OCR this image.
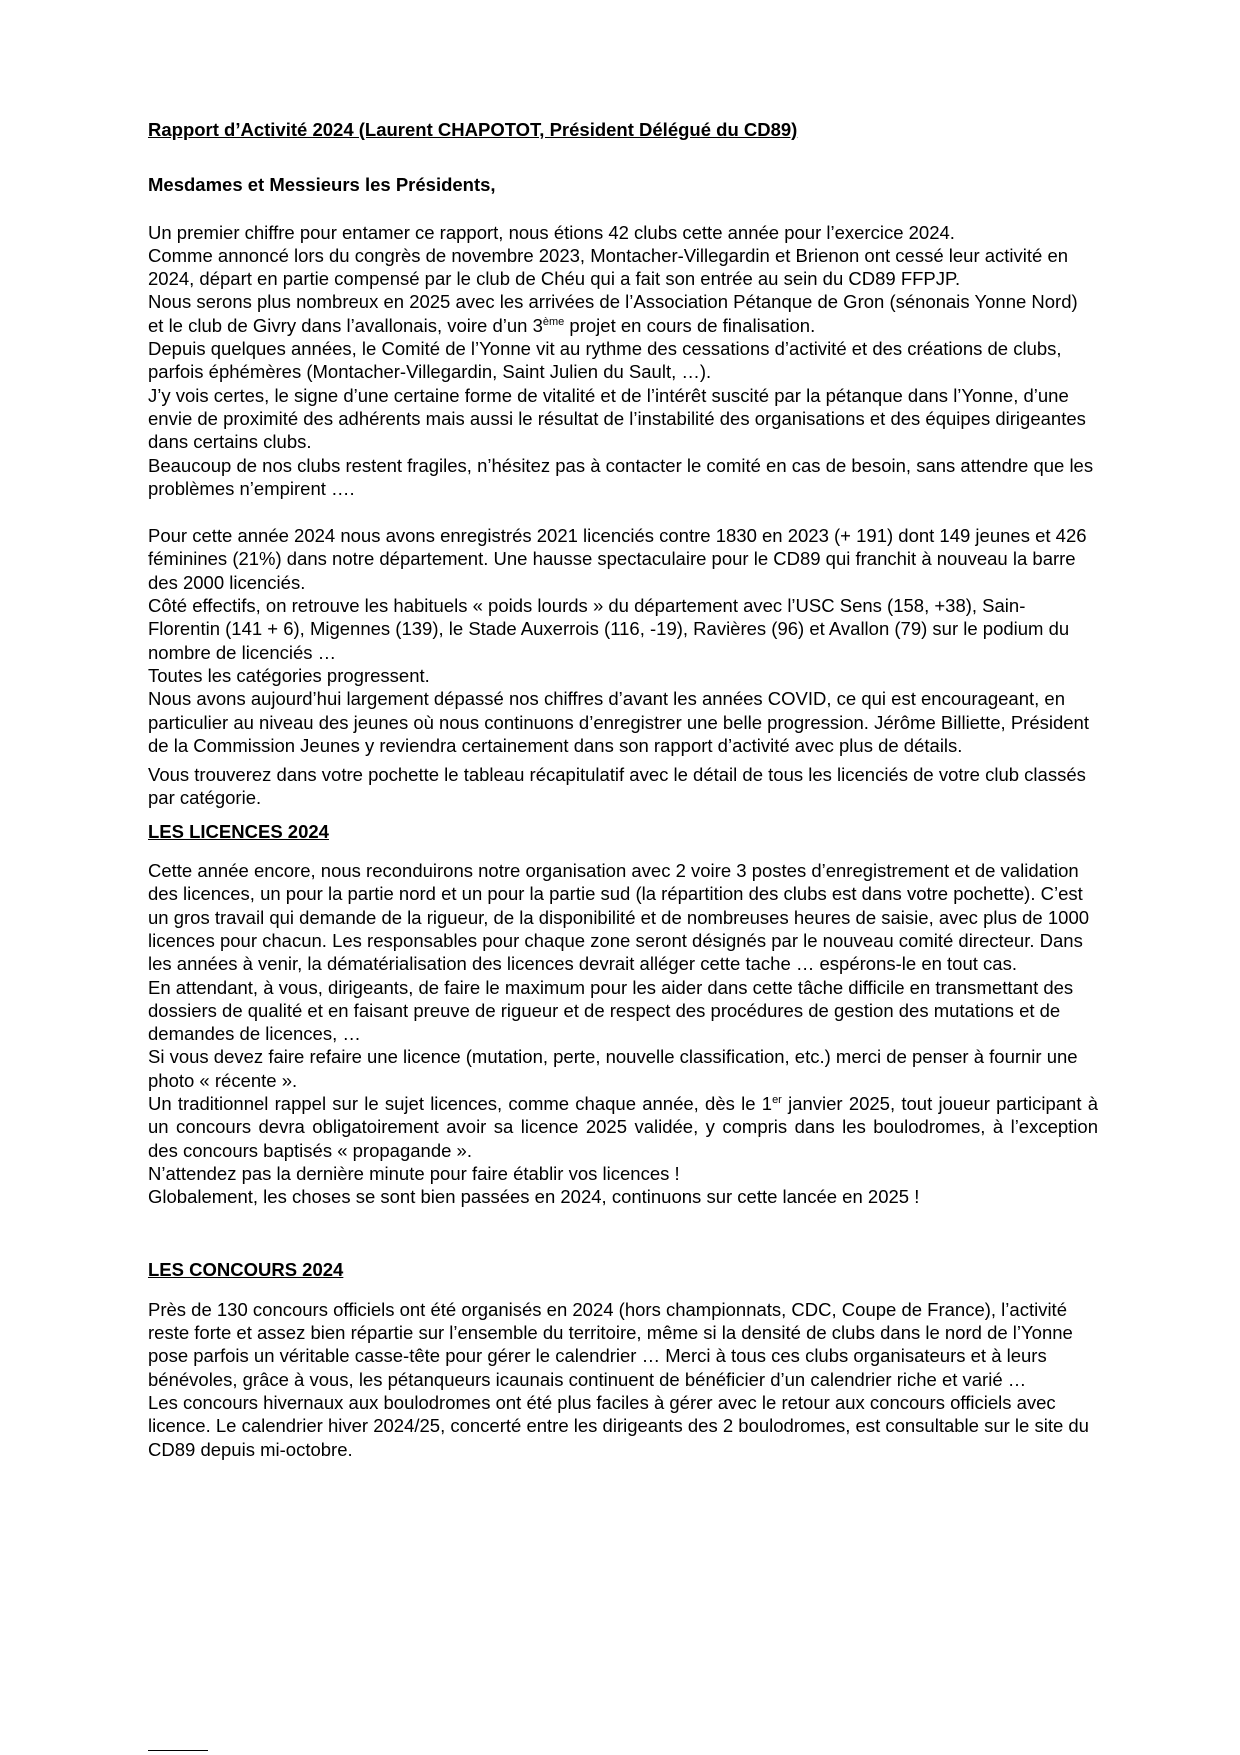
Rapport d’Activité 2024 (Laurent CHAPOTOT, Président Délégué du CD89)

Mesdames et Messieurs les Présidents,

Un premier chiffre pour entamer ce rapport, nous étions 42 clubs cette année pour l’exercice 2024.

Comme annoncé lors du congrès de novembre 2023, Montacher-Villegardin et Brienon ont cessé leur activité en 2024, départ en partie compensé par le club de Chéu qui a fait son entrée au sein du CD89 FFPJP.

Nous serons plus nombreux en 2025 avec les arrivées de l’Association Pétanque de Gron (sénonais Yonne Nord) et le club de Givry dans l’avallonais, voire d’un 3ème projet en cours de finalisation.

Depuis quelques années, le Comité de l’Yonne vit au rythme des cessations d’activité et des créations de clubs, parfois éphémères (Montacher-Villegardin, Saint Julien du Sault, …).

J’y vois certes, le signe d’une certaine forme de vitalité et de l’intérêt suscité par la pétanque dans l’Yonne, d’une envie de proximité des adhérents mais aussi le résultat de l’instabilité des organisations et des équipes dirigeantes dans certains clubs.

Beaucoup de nos clubs restent fragiles, n’hésitez pas à contacter le comité en cas de besoin, sans attendre que les problèmes n’empirent ….

Pour cette année 2024 nous avons enregistrés 2021 licenciés contre 1830 en 2023 (+ 191) dont 149 jeunes et 426 féminines (21%) dans notre département. Une hausse spectaculaire pour le CD89 qui franchit à nouveau la barre des 2000 licenciés.

Côté effectifs, on retrouve les habituels « poids lourds » du département avec l’USC Sens (158, +38), Sain- Florentin (141 + 6), Migennes (139), le Stade Auxerrois (116, -19), Ravières (96) et Avallon (79) sur le podium du nombre de licenciés …

Toutes les catégories progressent.

Nous avons aujourd’hui largement dépassé nos chiffres d’avant les années COVID, ce qui est encourageant, en particulier au niveau des jeunes où nous continuons d’enregistrer une belle progression. Jérôme Billiette, Président de la Commission Jeunes y reviendra certainement dans son rapport d’activité avec plus de détails.

Vous trouverez dans votre pochette le tableau récapitulatif avec le détail de tous les licenciés de votre club classés par catégorie.

LES LICENCES 2024

Cette année encore, nous reconduirons notre organisation avec 2 voire 3 postes d’enregistrement et de validation des licences, un pour la partie nord et un pour la partie sud (la répartition des clubs est dans votre pochette). C’est un gros travail qui demande de la rigueur, de la disponibilité et de nombreuses heures de saisie, avec plus de 1000 licences pour chacun. Les responsables pour chaque zone seront désignés par le nouveau comité directeur. Dans les années à venir, la dématérialisation des licences devrait alléger cette tache … espérons-le en tout cas.

En attendant, à vous, dirigeants, de faire le maximum pour les aider dans cette tâche difficile en transmettant des dossiers de qualité et en faisant preuve de rigueur et de respect des procédures de gestion des mutations et de demandes de licences, …

Si vous devez faire refaire une licence (mutation, perte, nouvelle classification, etc.) merci de penser à fournir une photo « récente ».

Un traditionnel rappel sur le sujet licences, comme chaque année, dès le 1er janvier 2025, tout joueur participant à un concours devra obligatoirement avoir sa licence 2025 validée, y compris dans les boulodromes, à l’exception des concours baptisés « propagande ».

N’attendez pas la dernière minute pour faire établir vos licences !

Globalement, les choses se sont bien passées en 2024, continuons sur cette lancée en 2025 !

LES CONCOURS 2024

Près de 130 concours officiels ont été organisés en 2024 (hors championnats, CDC, Coupe de France), l’activité reste forte et assez bien répartie sur l’ensemble du territoire, même si la densité de clubs dans le nord de l’Yonne pose parfois un véritable casse-tête pour gérer le calendrier … Merci à tous ces clubs organisateurs et à leurs bénévoles, grâce à vous, les pétanqueurs icaunais continuent de bénéficier d’un calendrier riche et varié …

Les concours hivernaux aux boulodromes ont été plus faciles à gérer avec le retour aux concours officiels avec licence. Le calendrier hiver 2024/25, concerté entre les dirigeants des 2 boulodromes, est consultable sur le site du CD89 depuis mi-octobre.
